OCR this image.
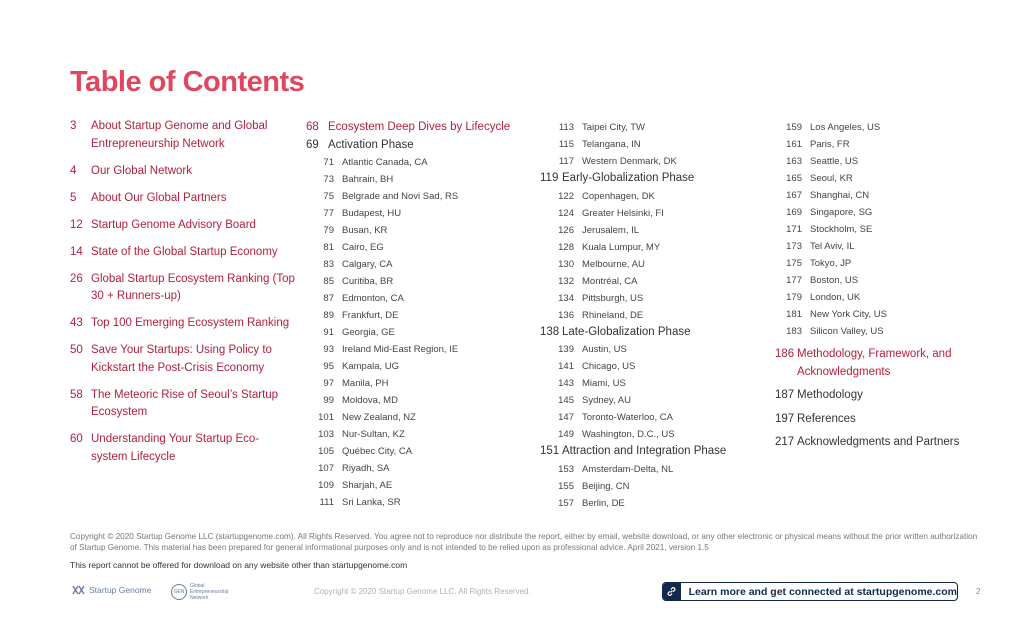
Table of Contents
3	About Startup Genome and Global Entrepreneurship Network
4	Our Global Network
5	About Our Global Partners
12 Startup Genome Advisory Board
14 State of the Global Startup Economy
26 Global Startup Ecosystem Ranking (Top 30 + Runners-up)
43 Top 100 Emerging Ecosystem Ranking
50 Save Your Startups: Using Policy to Kickstart the Post-Crisis Economy
58 The Meteoric Rise of Seoul’s Startup Ecosystem
60 Understanding Your Startup Eco-system Lifecycle
68 Ecosystem Deep Dives by Lifecycle
69 Activation Phase
71 Atlantic Canada, CA
73 Bahrain, BH
75 Belgrade and Novi Sad, RS
77 Budapest, HU
79 Busan, KR
81 Cairo, EG
83 Calgary, CA
85 Curitiba, BR
87 Edmonton, CA
89 Frankfurt, DE
91 Georgia, GE
93 Ireland Mid-East Region, IE
95 Kampala, UG
97 Manila, PH
99 Moldova, MD
101 New Zealand, NZ
103 Nur-Sultan, KZ
105 Québec City, CA
107 Riyadh, SA
109 Sharjah, AE
111 Sri Lanka, SR
113 Taipei City, TW
115 Telangana, IN
117 Western Denmark, DK
119 Early-Globalization Phase
122 Copenhagen, DK
124 Greater Helsinki, FI
126 Jerusalem, IL
128 Kuala Lumpur, MY
130 Melbourne, AU
132 Montréal, CA
134 Pittsburgh, US
136 Rhineland, DE
138 Late-Globalization Phase
139 Austin, US
141 Chicago, US
143 Miami, US
145 Sydney, AU
147 Toronto-Waterloo, CA
149 Washington, D.C., US
151 Attraction and Integration Phase
153 Amsterdam-Delta, NL
155 Beijing, CN
157 Berlin, DE
159 Los Angeles, US
161 Paris, FR
163 Seattle, US
165 Seoul, KR
167 Shanghai, CN
169 Singapore, SG
171 Stockholm, SE
173 Tel Aviv, IL
175 Tokyo, JP
177 Boston, US
179 London, UK
181 New York City, US
183 Silicon Valley, US
186 Methodology, Framework, and Acknowledgments
187 Methodology
197 References
217 Acknowledgments and Partners

Copyright © 2020 Startup Genome LLC (startupgenome.com). All Rights Reserved. You agree not to reproduce nor distribute the report, either by email, website download, or any other electronic or physical means without the prior written authorization of Startup Genome. This material has been prepared for general informational purposes only and is not intended to be relied upon as professional advice. April 2021, version 1.5

This report cannot be offered for download on any website other than startupgenome.com

Startup Genome	GEN
Global Entrepreneurship Network
Copyright © 2020 Startup Genome LLC. All Rights Reserved.	Learn more and get connected at startupgenome.com 2
